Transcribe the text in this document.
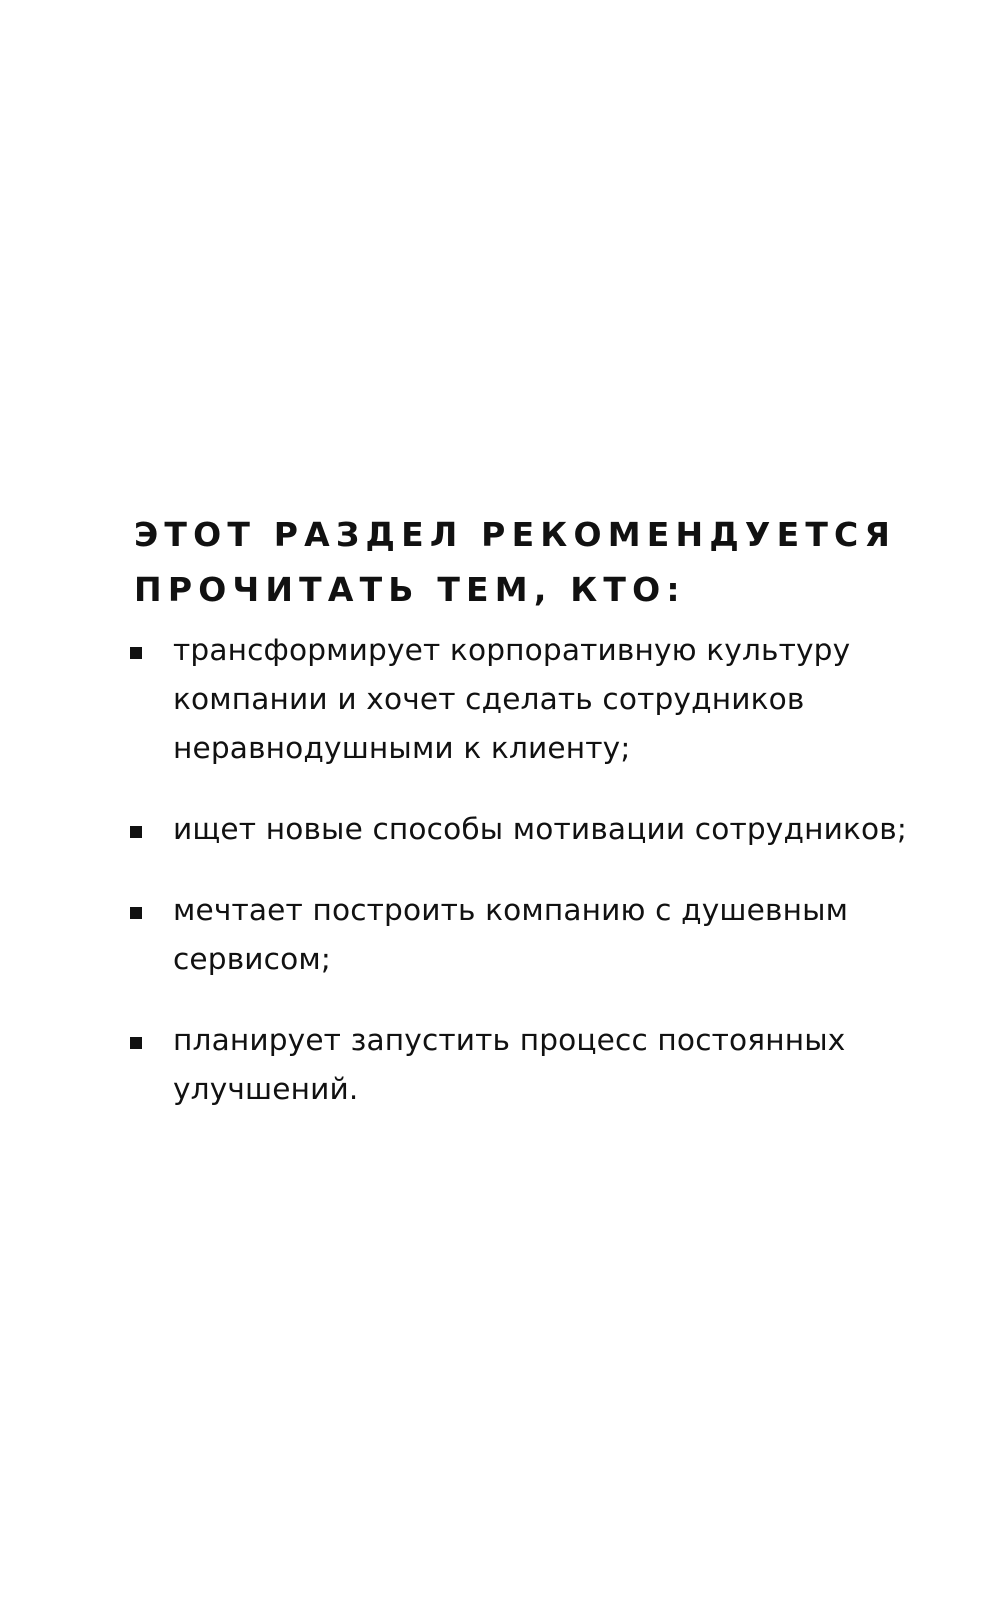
ЭТОТ РАЗДЕЛ РЕКОМЕНДУЕТСЯ
ПРОЧИТАТЬ ТЕМ, КТО:
трансформирует корпоративную культуру
компании и хочет сделать сотрудников
неравнодушными к клиенту;
ищет новые способы мотивации сотрудников;
мечтает построить компанию с душевным
сервисом;
планирует запустить процесс постоянных
улучшений.
